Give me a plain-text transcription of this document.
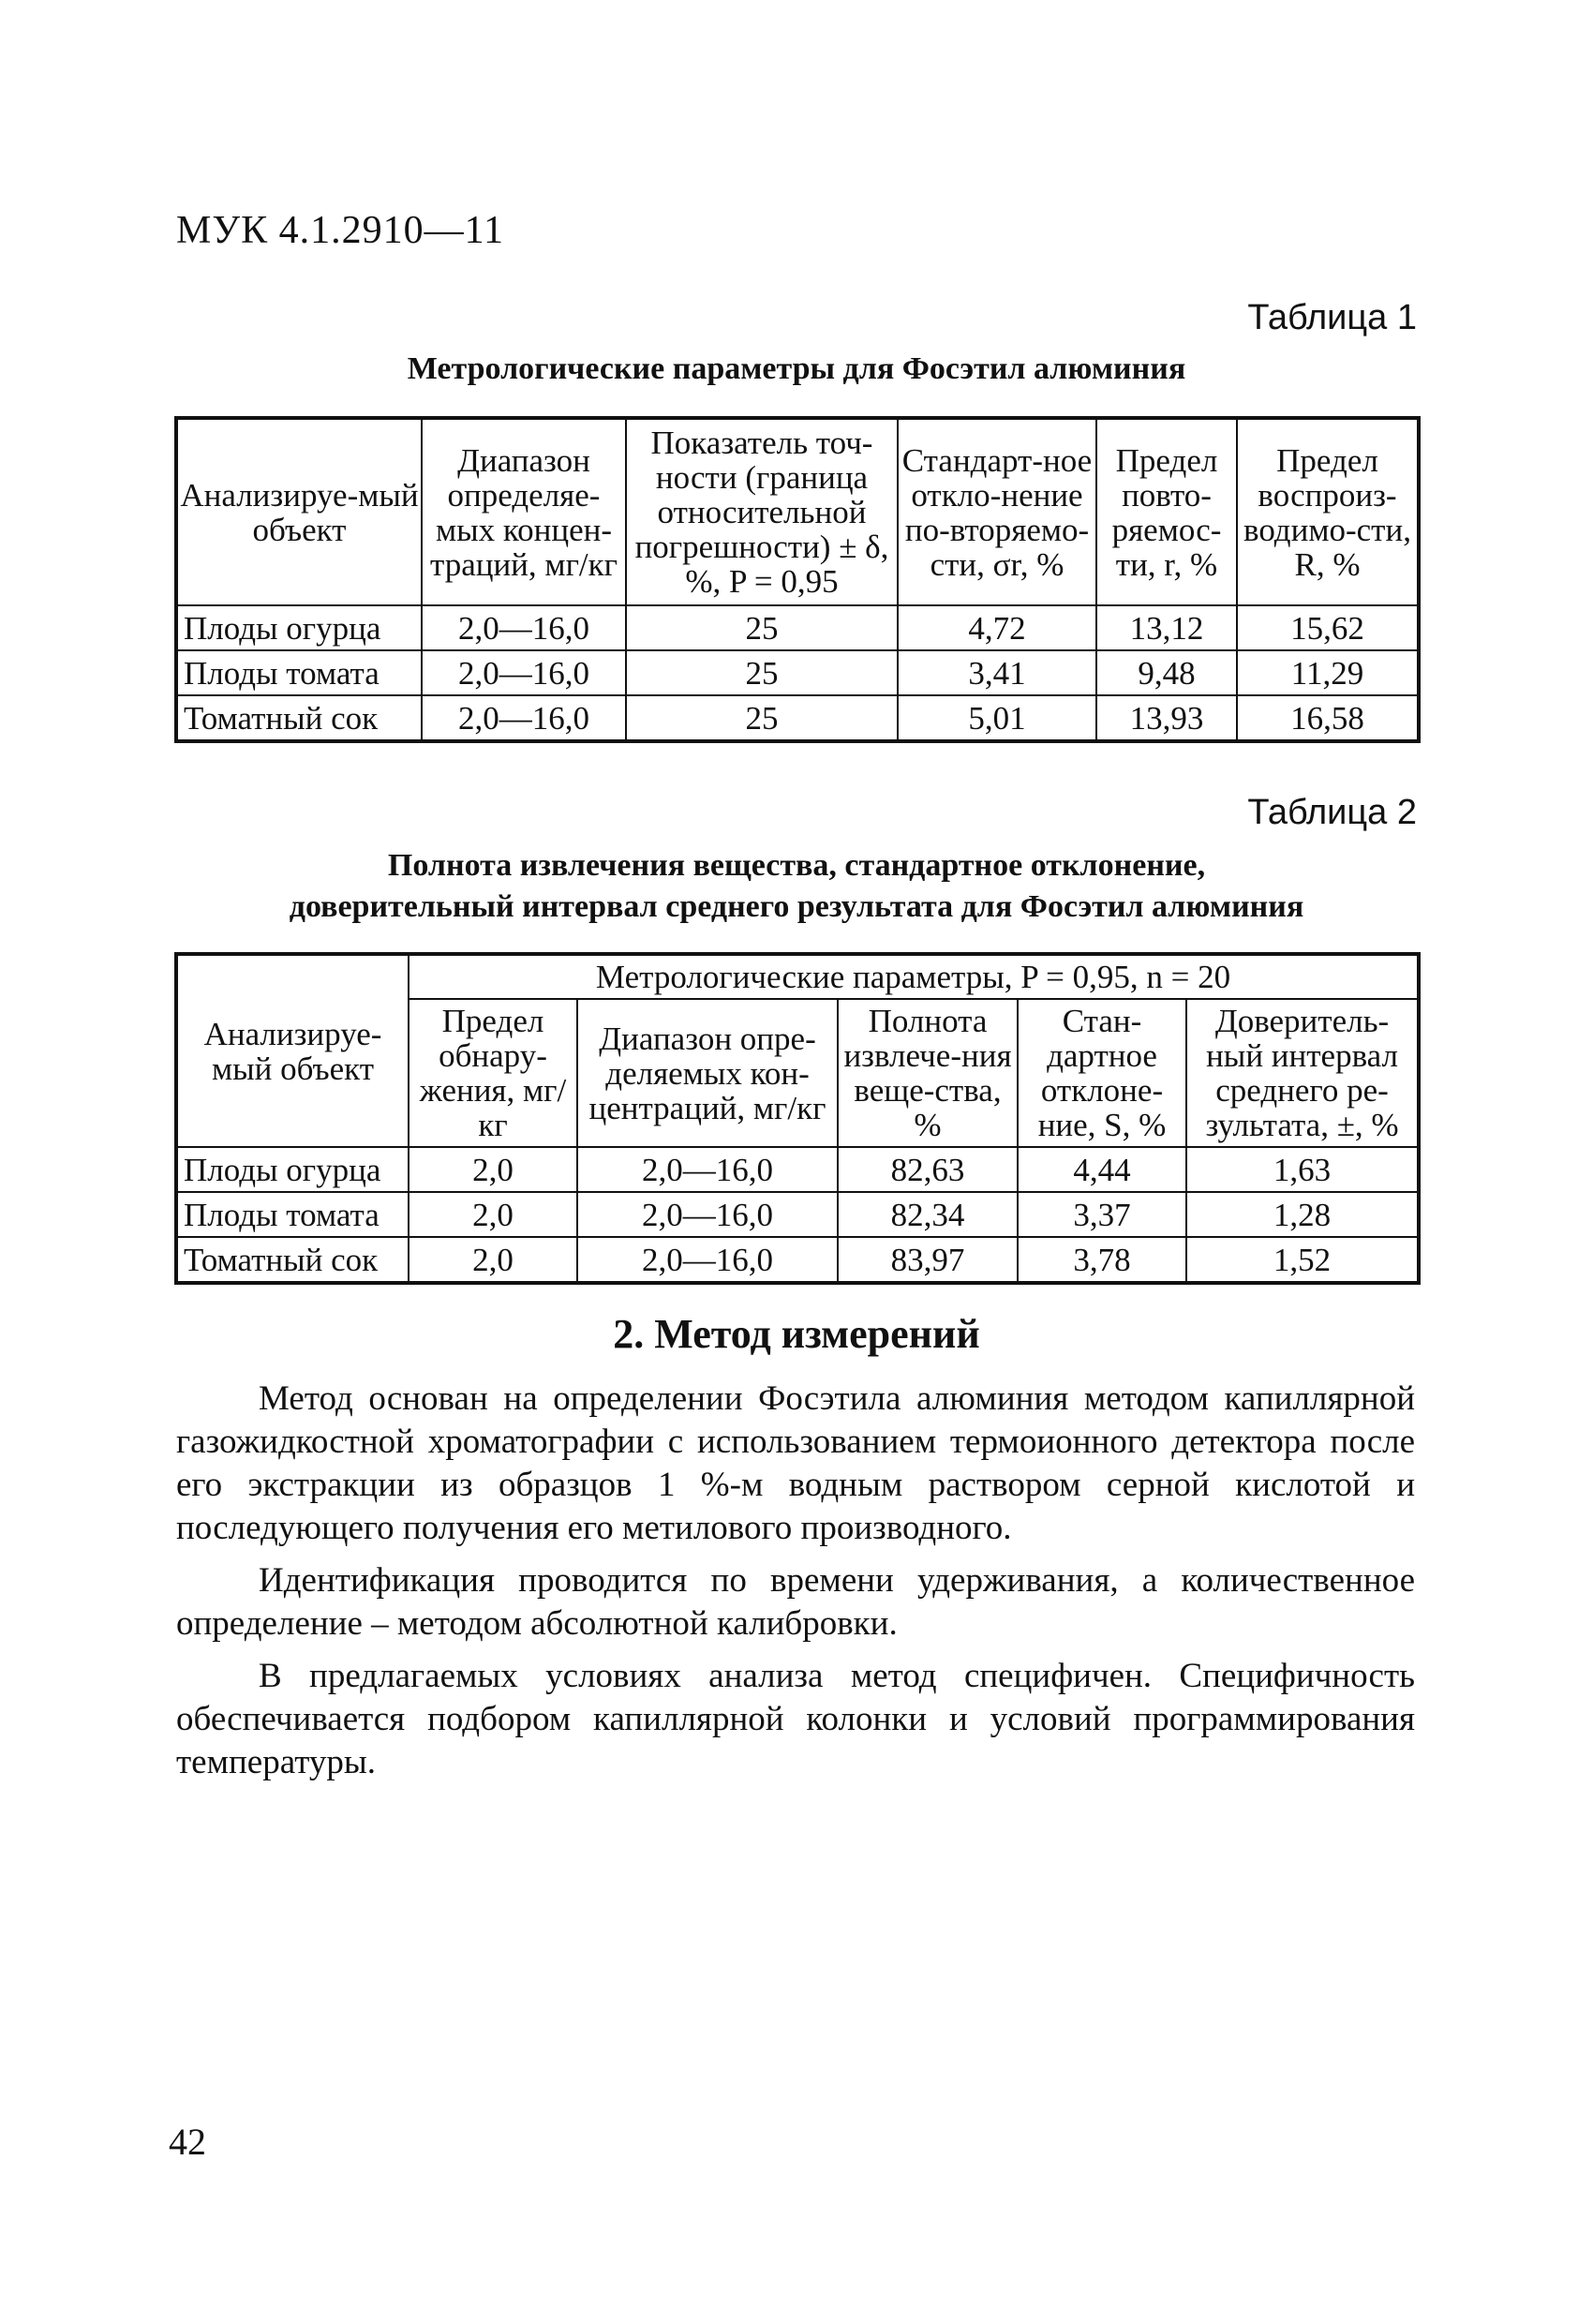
МУК 4.1.2910—11
Таблица 1
Метрологические параметры для Фосэтил алюминия
Анализируе-мый объект	Диапазон определяе-мых концен-траций, мг/кг	Показатель точ-ности (граница относительной погрешности) ± δ, %, P = 0,95	Стандарт-ное откло-нение по-вторяемо-сти, σr, %	Предел повто-ряемос-ти, r, %	Предел воспроиз-водимо-сти, R, %
Плоды огурца	2,0—16,0	25	4,72	13,12	15,62
Плоды томата	2,0—16,0	25	3,41	9,48	11,29
Томатный сок	2,0—16,0	25	5,01	13,93	16,58
Таблица 2
Полнота извлечения вещества, стандартное отклонение,
доверительный интервал среднего результата для Фосэтил алюминия
Анализируе-мый объект	Метрологические параметры, P = 0,95, n = 20				
	Предел обнару-жения, мг/кг	Диапазон опре-деляемых кон-центраций, мг/кг	Полнота извлече-ния веще-ства, %	Стан-дартное отклоне-ние, S, %	Доверитель-ный интервал среднего ре-зультата, ±, %
Плоды огурца	2,0	2,0—16,0	82,63	4,44	1,63
Плоды томата	2,0	2,0—16,0	82,34	3,37	1,28
Томатный сок	2,0	2,0—16,0	83,97	3,78	1,52
2. Метод измерений

Метод основан на определении Фосэтила алюминия методом капиллярной газожидкостной хроматографии с использованием термоионного детектора после его экстракции из образцов 1 %-м водным раствором серной кислотой и последующего получения его метилового производного.

Идентификация проводится по времени удерживания, а количественное определение – методом абсолютной калибровки.

В предлагаемых условиях анализа метод специфичен. Специфичность обеспечивается подбором капиллярной колонки и условий программирования температуры.

42
